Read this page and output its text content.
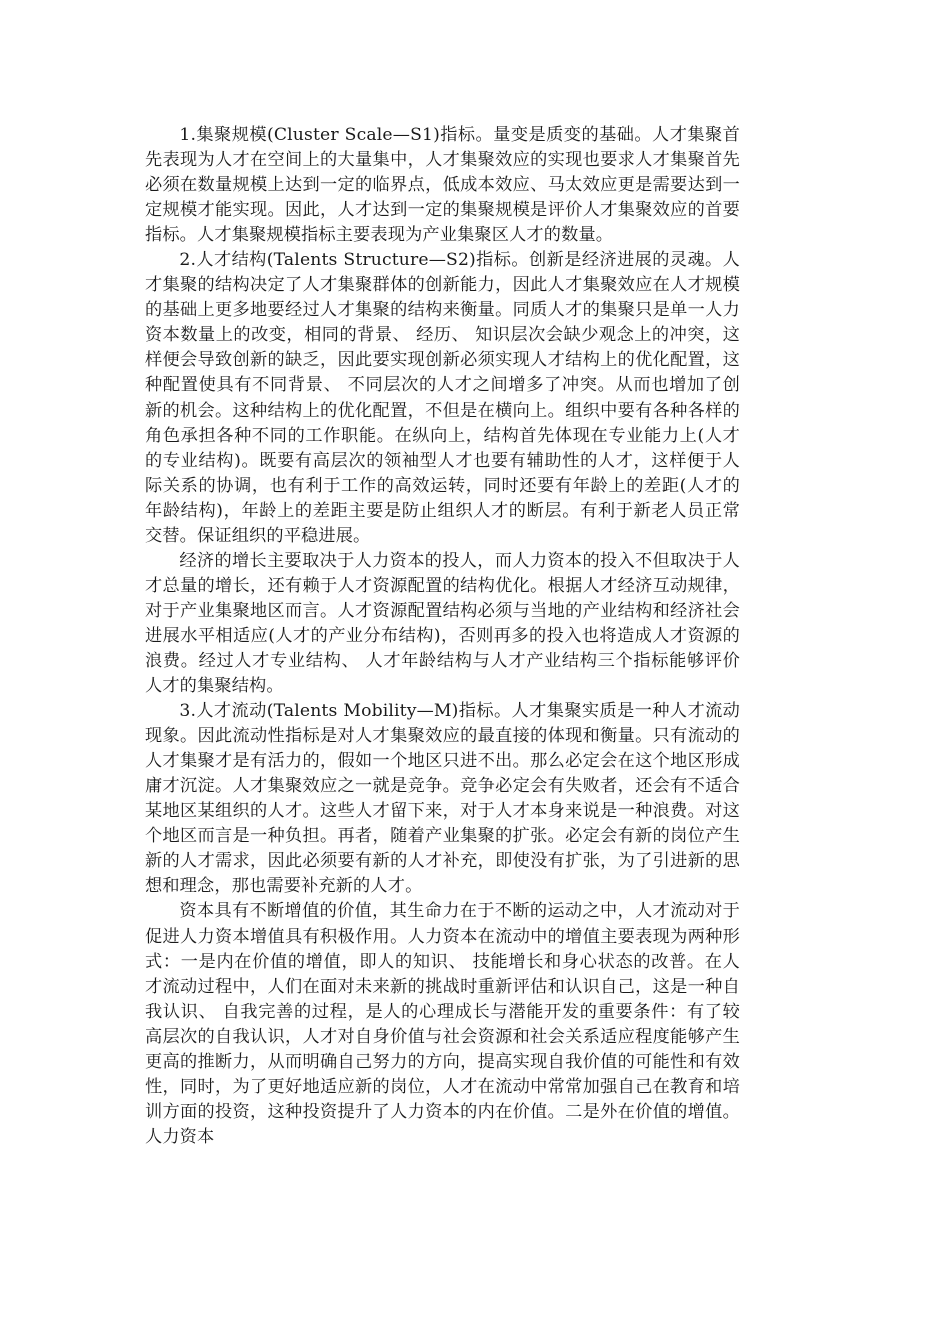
1.集聚规模(Cluster Scale—S1)指标。量变是质变的基础。人才集聚首先表现为人才在空间上的大量集中，人才集聚效应的实现也要求人才集聚首先必须在数量规模上达到一定的临界点，低成本效应、马太效应更是需要达到一定规模才能实现。因此，人才达到一定的集聚规模是评价人才集聚效应的首要指标。人才集聚规模指标主要表现为产业集聚区人才的数量。

2.人才结构(Talents Structure—S2)指标。创新是经济进展的灵魂。人才集聚的结构决定了人才集聚群体的创新能力，因此人才集聚效应在人才规模的基础上更多地要经过人才集聚的结构来衡量。同质人才的集聚只是单一人力资本数量上的改变，相同的背景、 经历、 知识层次会缺少观念上的冲突，这样便会导致创新的缺乏，因此要实现创新必须实现人才结构上的优化配置，这种配置使具有不同背景、 不同层次的人才之间增多了冲突。从而也增加了创新的机会。这种结构上的优化配置，不但是在横向上。组织中要有各种各样的角色承担各种不同的工作职能。在纵向上，结构首先体现在专业能力上(人才的专业结构)。既要有高层次的领袖型人才也要有辅助性的人才，这样便于人际关系的协调，也有利于工作的高效运转，同时还要有年龄上的差距(人才的年龄结构)，年龄上的差距主要是防止组织人才的断层。有利于新老人员正常交替。保证组织的平稳进展。

经济的增长主要取决于人力资本的投人，而人力资本的投入不但取决于人才总量的增长，还有赖于人才资源配置的结构优化。根据人才经济互动规律，对于产业集聚地区而言。人才资源配置结构必须与当地的产业结构和经济社会进展水平相适应(人才的产业分布结构)，否则再多的投入也将造成人才资源的浪费。经过人才专业结构、 人才年龄结构与人才产业结构三个指标能够评价人才的集聚结构。

3.人才流动(Talents Mobility—M)指标。人才集聚实质是一种人才流动现象。因此流动性指标是对人才集聚效应的最直接的体现和衡量。只有流动的人才集聚才是有活力的，假如一个地区只进不出。那么必定会在这个地区形成庸才沉淀。人才集聚效应之一就是竞争。竞争必定会有失败者，还会有不适合某地区某组织的人才。这些人才留下来，对于人才本身来说是一种浪费。对这个地区而言是一种负担。再者，随着产业集聚的扩张。必定会有新的岗位产生新的人才需求，因此必须要有新的人才补充，即使没有扩张，为了引进新的思想和理念，那也需要补充新的人才。

资本具有不断增值的价值，其生命力在于不断的运动之中，人才流动对于促进人力资本增值具有积极作用。人力资本在流动中的增值主要表现为两种形式：一是内在价值的增值，即人的知识、 技能增长和身心状态的改普。在人才流动过程中，人们在面对未来新的挑战时重新评估和认识自己，这是一种自我认识、 自我完善的过程，是人的心理成长与潜能开发的重要条件：有了较高层次的自我认识，人才对自身价值与社会资源和社会关系适应程度能够产生更高的推断力，从而明确自己努力的方向，提高实现自我价值的可能性和有效性，同时，为了更好地适应新的岗位，人才在流动中常常加强自己在教育和培训方面的投资，这种投资提升了人力资本的内在价值。二是外在价值的增值。人力资本
